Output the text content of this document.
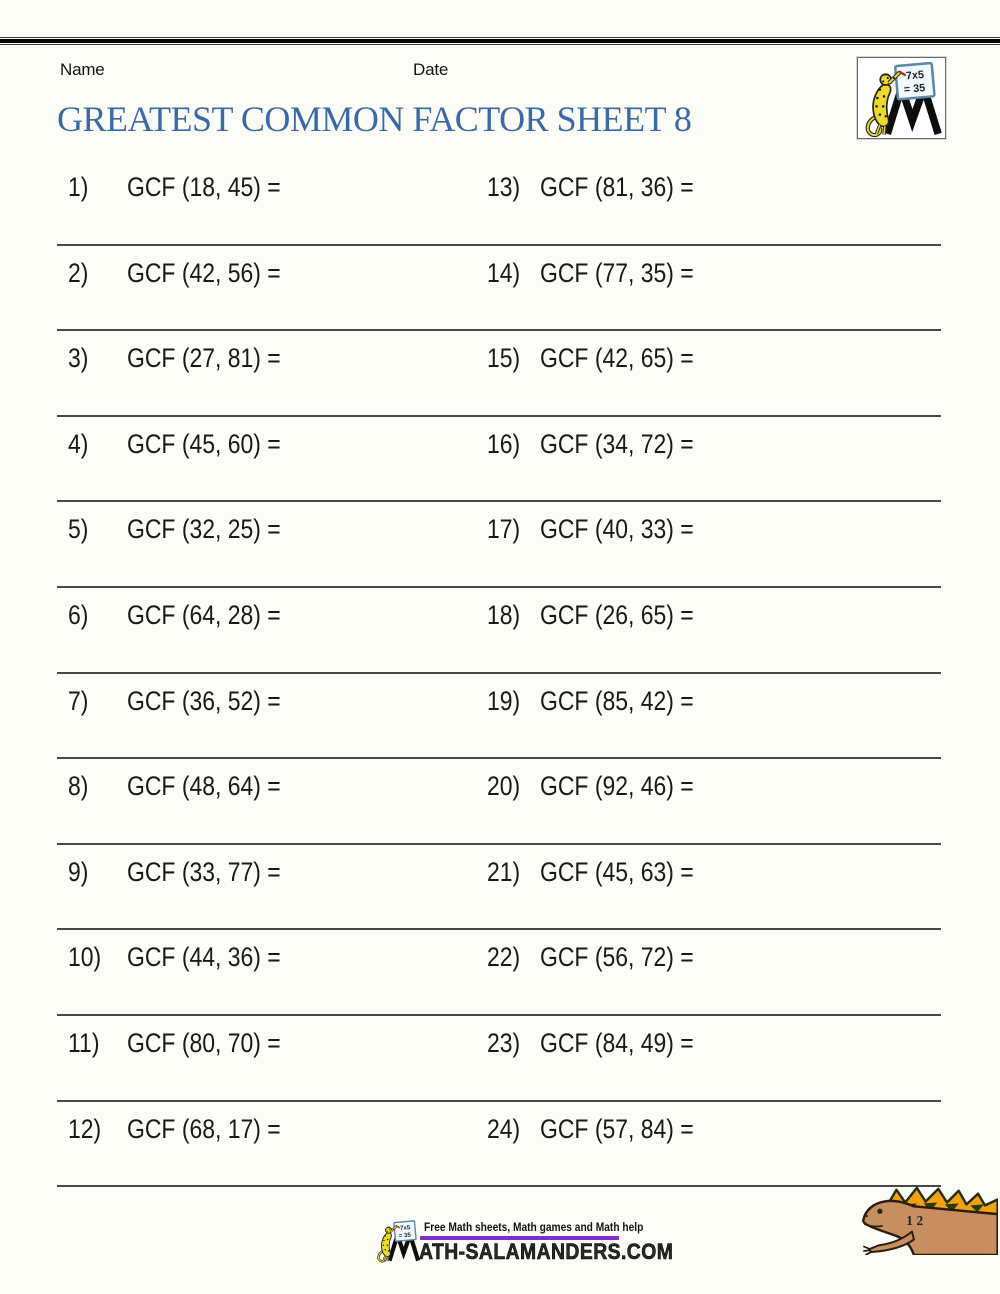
Name	Date
GREATEST COMMON FACTOR SHEET 8
1) GCF (18, 45) =	13) GCF (81, 36) =
2) GCF (42, 56) =	14) GCF (77, 35) =
3) GCF (27, 81) =	15) GCF (42, 65) =
4) GCF (45, 60) =	16) GCF (34, 72) =
5) GCF (32, 25) =	17) GCF (40, 33) =
6) GCF (64, 28) =	18) GCF (26, 65) =
7) GCF (36, 52) =	19) GCF (85, 42) =
8) GCF (48, 64) =	20) GCF (92, 46) =
9) GCF (33, 77) =	21) GCF (45, 63) =
10) GCF (44, 36) =	22) GCF (56, 72) =
11) GCF (80, 70) =	23) GCF (84, 49) =
12) GCF (68, 17) =	24) GCF (57, 84) =
Free Math sheets, Math games and Math help
ATH-SALAMANDERS.COM
